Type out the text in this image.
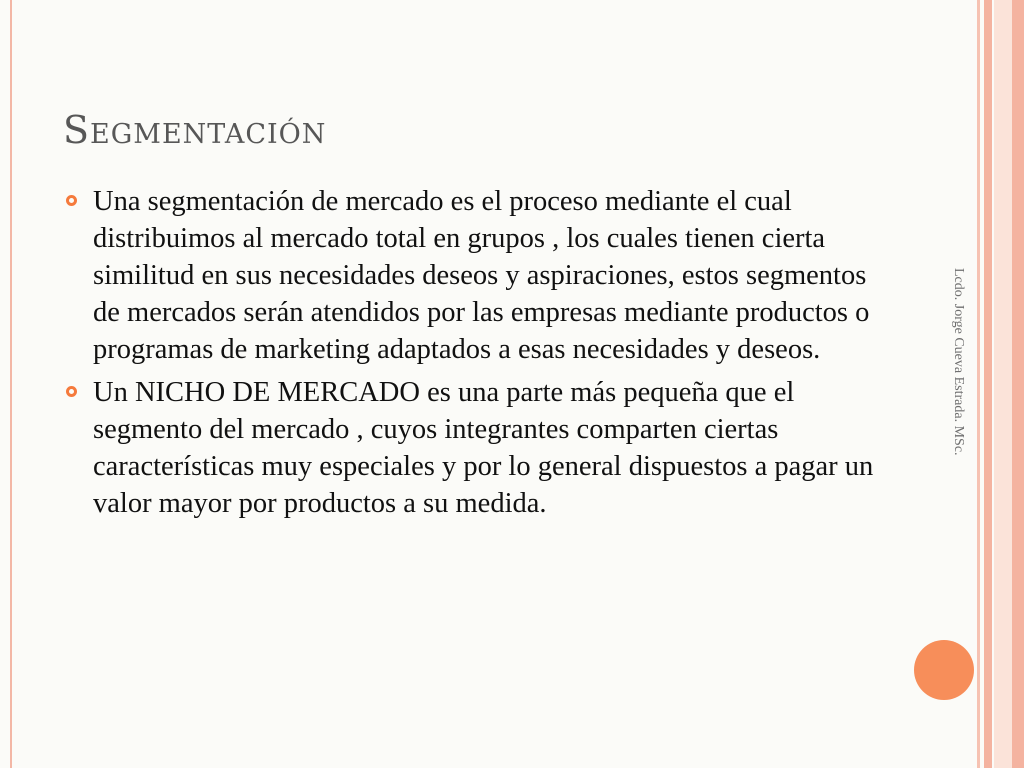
Segmentación
Una segmentación de mercado es el proceso mediante el cual distribuimos al mercado total en grupos , los cuales tienen cierta similitud en sus necesidades deseos y aspiraciones, estos segmentos de mercados serán atendidos por las empresas mediante productos o programas de marketing adaptados a esas necesidades y deseos.
Un NICHO DE MERCADO es una parte más pequeña que el segmento del mercado , cuyos integrantes comparten ciertas características muy especiales y por lo general dispuestos a pagar un valor mayor por productos a su medida.
Lcdo. Jorge Cueva Estrada. MSc.
